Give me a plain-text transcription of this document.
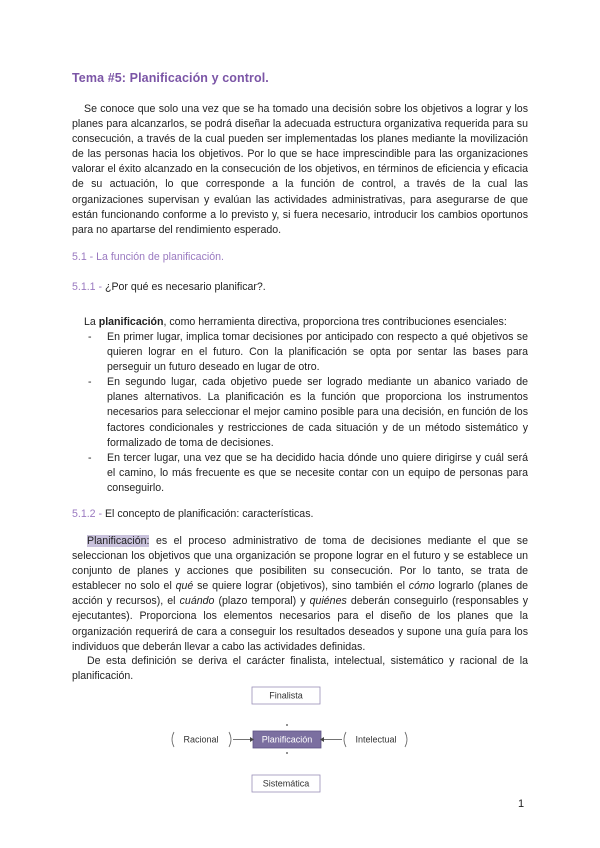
Tema #5: Planificación y control.

Se conoce que solo una vez que se ha tomado una decisión sobre los objetivos a lograr y los planes para alcanzarlos, se podrá diseñar la adecuada estructura organizativa requerida para su consecución, a través de la cual pueden ser implementadas los planes mediante la movilización de las personas hacia los objetivos. Por lo que se hace imprescindible para las organizaciones valorar el éxito alcanzado en la consecución de los objetivos, en términos de eficiencia y eficacia de su actuación, lo que corresponde a la función de control, a través de la cual las organizaciones supervisan y evalúan las actividades administrativas, para asegurarse de que están funcionando conforme a lo previsto y, si fuera necesario, introducir los cambios oportunos para no apartarse del rendimiento esperado.

5.1 - La función de planificación.
5.1.1 - ¿Por qué es necesario planificar?.

La planificación, como herramienta directiva, proporciona tres contribuciones esenciales:

- En primer lugar, implica tomar decisiones por anticipado con respecto a qué objetivos se quieren lograr en el futuro. Con la planificación se opta por sentar las bases para perseguir un futuro deseado en lugar de otro.
- En segundo lugar, cada objetivo puede ser logrado mediante un abanico variado de planes alternativos. La planificación es la función que proporciona los instrumentos necesarios para seleccionar el mejor camino posible para una decisión, en función de los factores condicionales y restricciones de cada situación y de un método sistemático y formalizado de toma de decisiones.
- En tercer lugar, una vez que se ha decidido hacia dónde uno quiere dirigirse y cuál será el camino, lo más frecuente es que se necesite contar con un equipo de personas para conseguirlo.
5.1.2 - El concepto de planificación: características.

Planificación: es el proceso administrativo de toma de decisiones mediante el que se seleccionan los objetivos que una organización se propone lograr en el futuro y se establece un conjunto de planes y acciones que posibiliten su consecución. Por lo tanto, se trata de establecer no solo el qué se quiere lograr (objetivos), sino también el cómo lograrlo (planes de acción y recursos), el cuándo (plazo temporal) y quiénes deberán conseguirlo (responsables y ejecutantes). Proporciona los elementos necesarios para el diseño de los planes que la organización requerirá de cara a conseguir los resultados deseados y supone una guía para los individuos que deberán llevar a cabo las actividades definidas.

De esta definición se deriva el carácter finalista, intelectual, sistemático y racional de la planificación.

Finalista
Sistemática
Planificación
Racional	Intelectual
1
